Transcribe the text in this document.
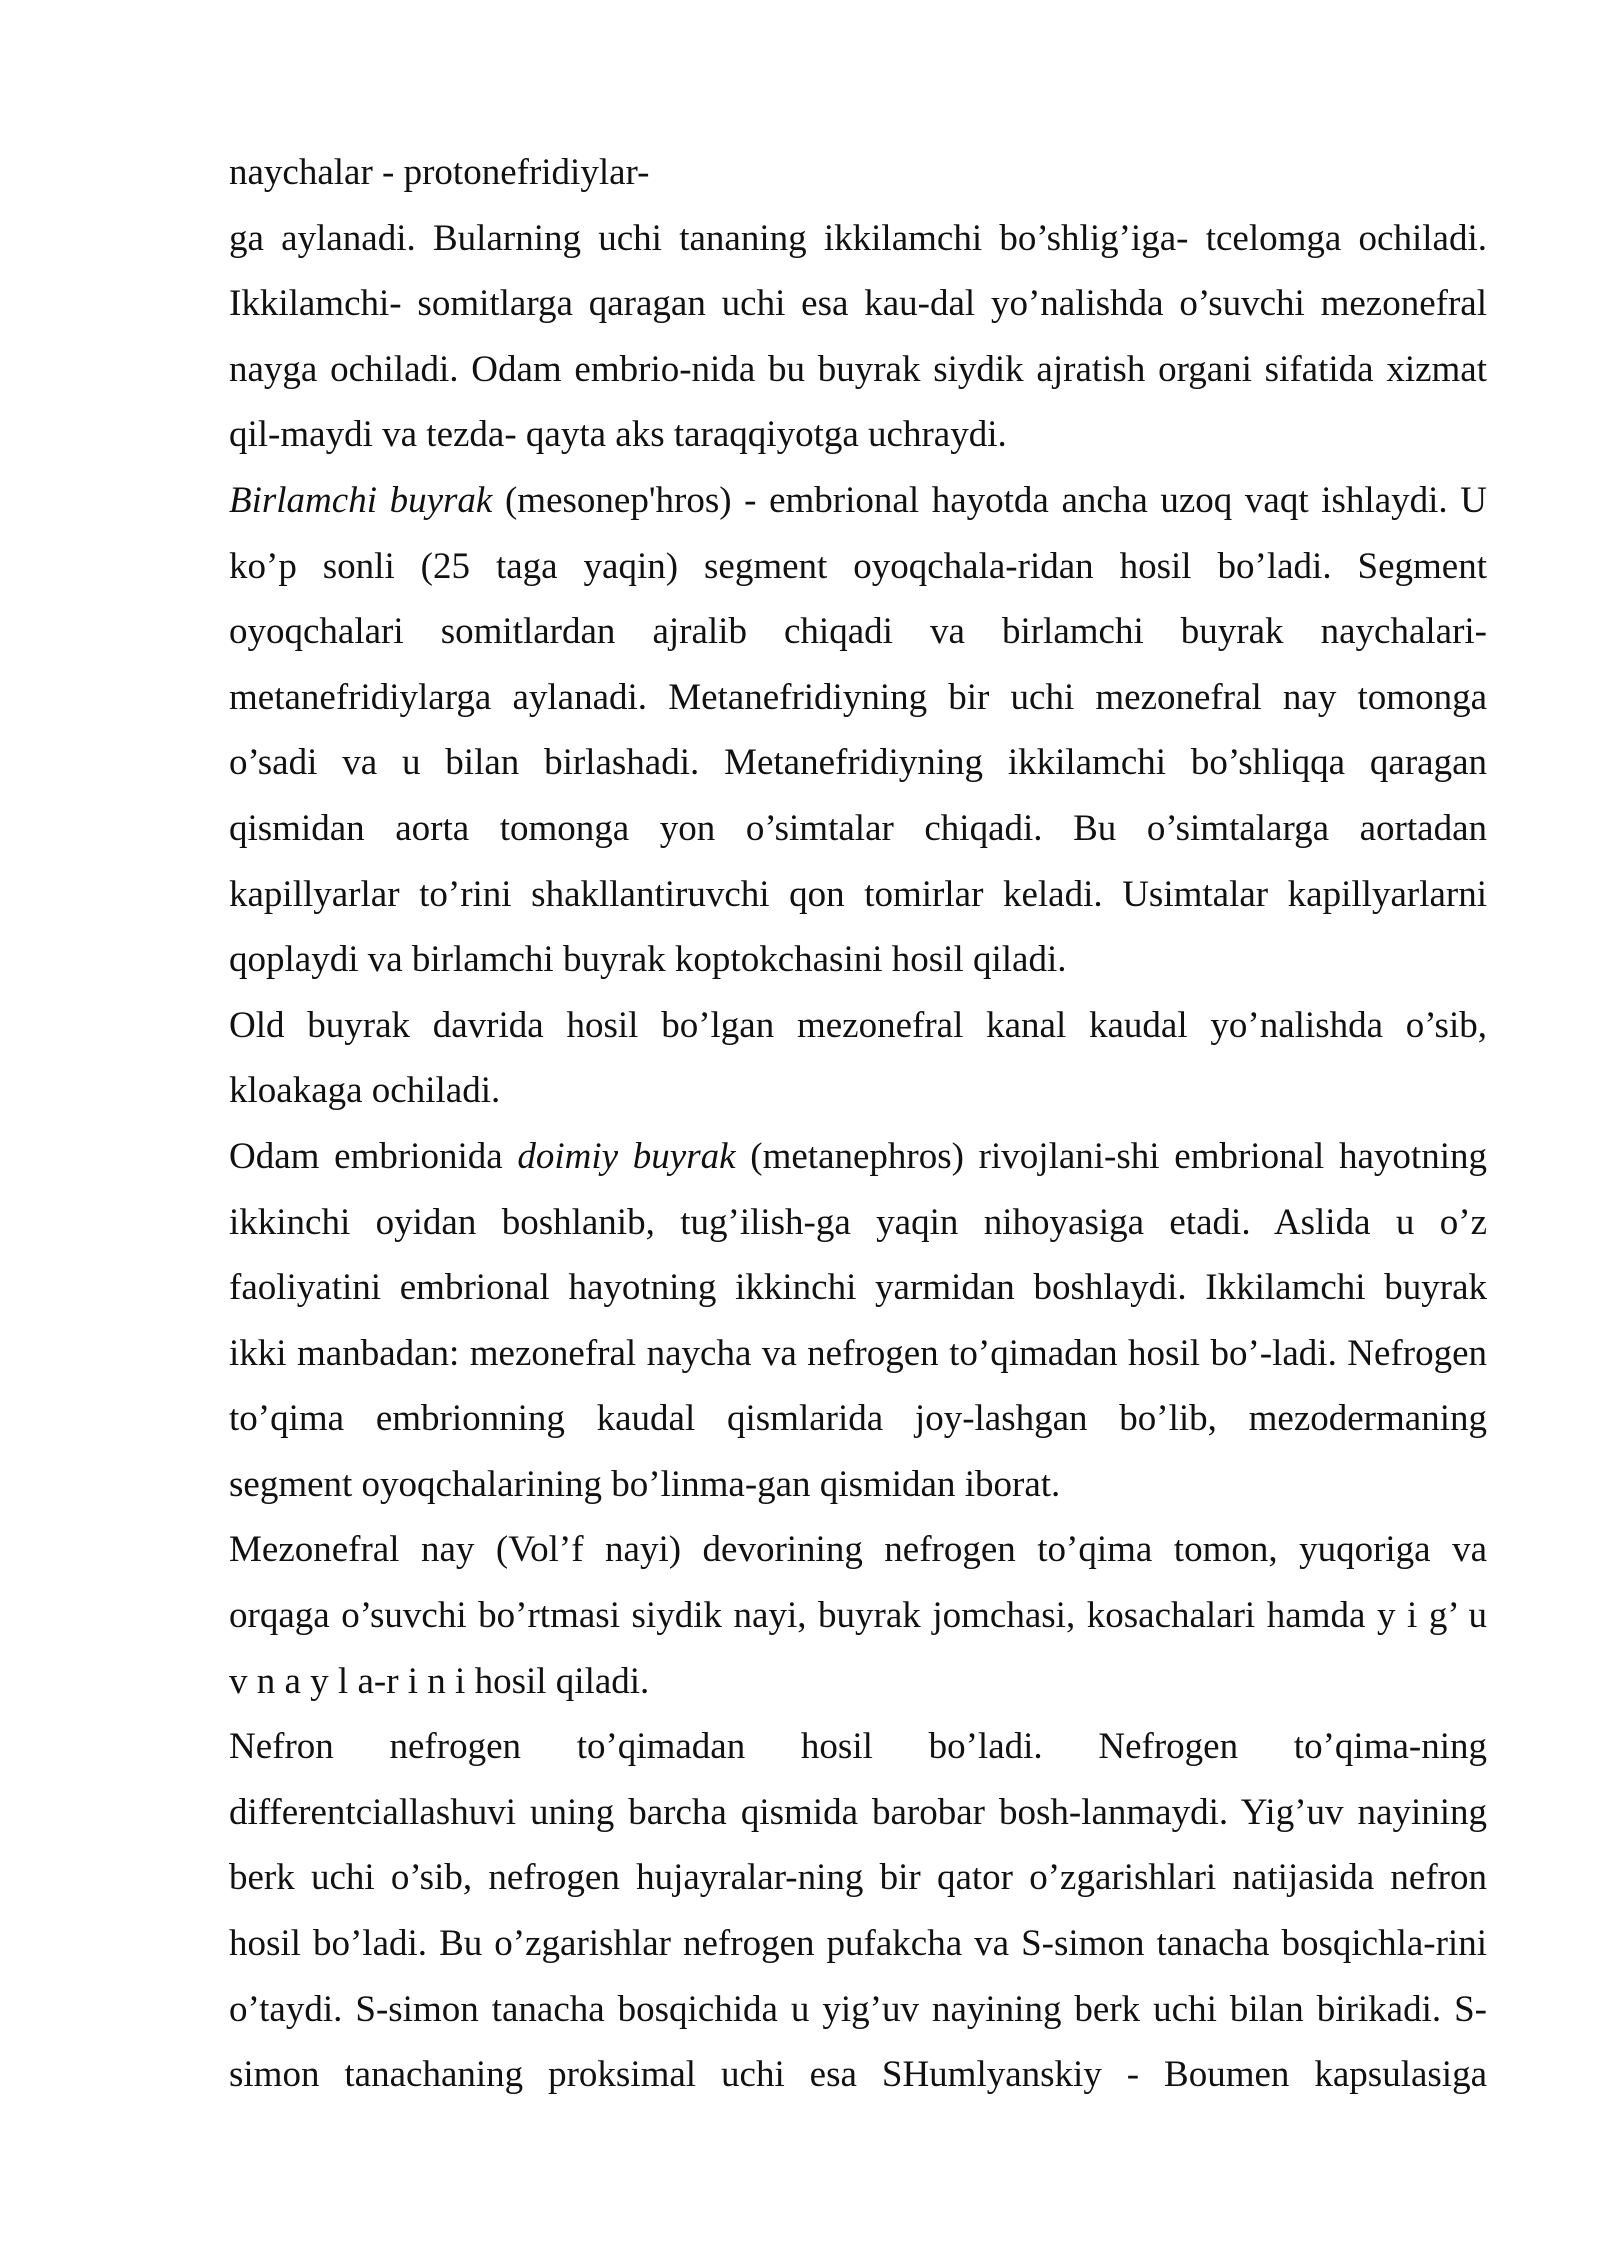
naychalar - protonefridiylar-
ga aylanadi. Bularning uchi tananing ikkilamchi bo’shlig’iga- tcelomga ochiladi.
Ikkilamchi- somitlarga qaragan uchi esa kau-dal yo’nalishda o’suvchi mezonefral
nayga ochiladi. Odam embrio-nida bu buyrak siydik ajratish organi sifatida xizmat
qil-maydi va tezda- qayta aks taraqqiyotga uchraydi.
Birlamchi buyrak (mesonep'hros) - embrional hayotda ancha uzoq vaqt ishlaydi. U
ko’p sonli (25 taga yaqin) segment oyoqchala-ridan hosil bo’ladi. Segment
oyoqchalari somitlardan ajralib chiqadi va birlamchi buyrak naychalari-
metanefridiylarga aylanadi. Metanefridiyning bir uchi mezonefral nay tomonga
o’sadi va u bilan birlashadi. Metanefridiyning ikkilamchi bo’shliqqa qaragan
qismidan aorta tomonga yon o’simtalar chiqadi. Bu o’simtalarga aortadan
kapillyarlar to’rini shakllantiruvchi qon tomirlar keladi. Usimtalar kapillyarlarni
qoplaydi va birlamchi buyrak koptokchasini hosil qiladi.
Old buyrak davrida hosil bo’lgan mezonefral kanal kaudal yo’nalishda o’sib,
kloakaga ochiladi.
Odam embrionida doimiy buyrak (metanephros) rivojlani-shi embrional hayotning
ikkinchi oyidan boshlanib, tug’ilish-ga yaqin nihoyasiga etadi. Aslida u o’z
faoliyatini embrional hayotning ikkinchi yarmidan boshlaydi. Ikkilamchi buyrak
ikki manbadan: mezonefral naycha va nefrogen to’qimadan hosil bo’-ladi. Nefrogen
to’qima embrionning kaudal qismlarida joy-lashgan bo’lib, mezodermaning
segment oyoqchalarining bo’linma-gan qismidan iborat.
Mezonefral nay (Vol’f nayi) devorining nefrogen to’qima tomon, yuqoriga va
orqaga o’suvchi bo’rtmasi siydik nayi, buyrak jomchasi, kosachalari hamda y i g’ u
v n a y l a-r i n i hosil qiladi.
Nefron nefrogen to’qimadan hosil bo’ladi. Nefrogen to’qima-ning
differentciallashuvi uning barcha qismida barobar bosh-lanmaydi. Yig’uv nayining
berk uchi o’sib, nefrogen hujayralar-ning bir qator o’zgarishlari natijasida nefron
hosil bo’ladi. Bu o’zgarishlar nefrogen pufakcha va S-simon tanacha bosqichla-rini
o’taydi. S-simon tanacha bosqichida u yig’uv nayining berk uchi bilan birikadi. S-
simon tanachaning proksimal uchi esa SHumlyanskiy - Boumen kapsulasiga
